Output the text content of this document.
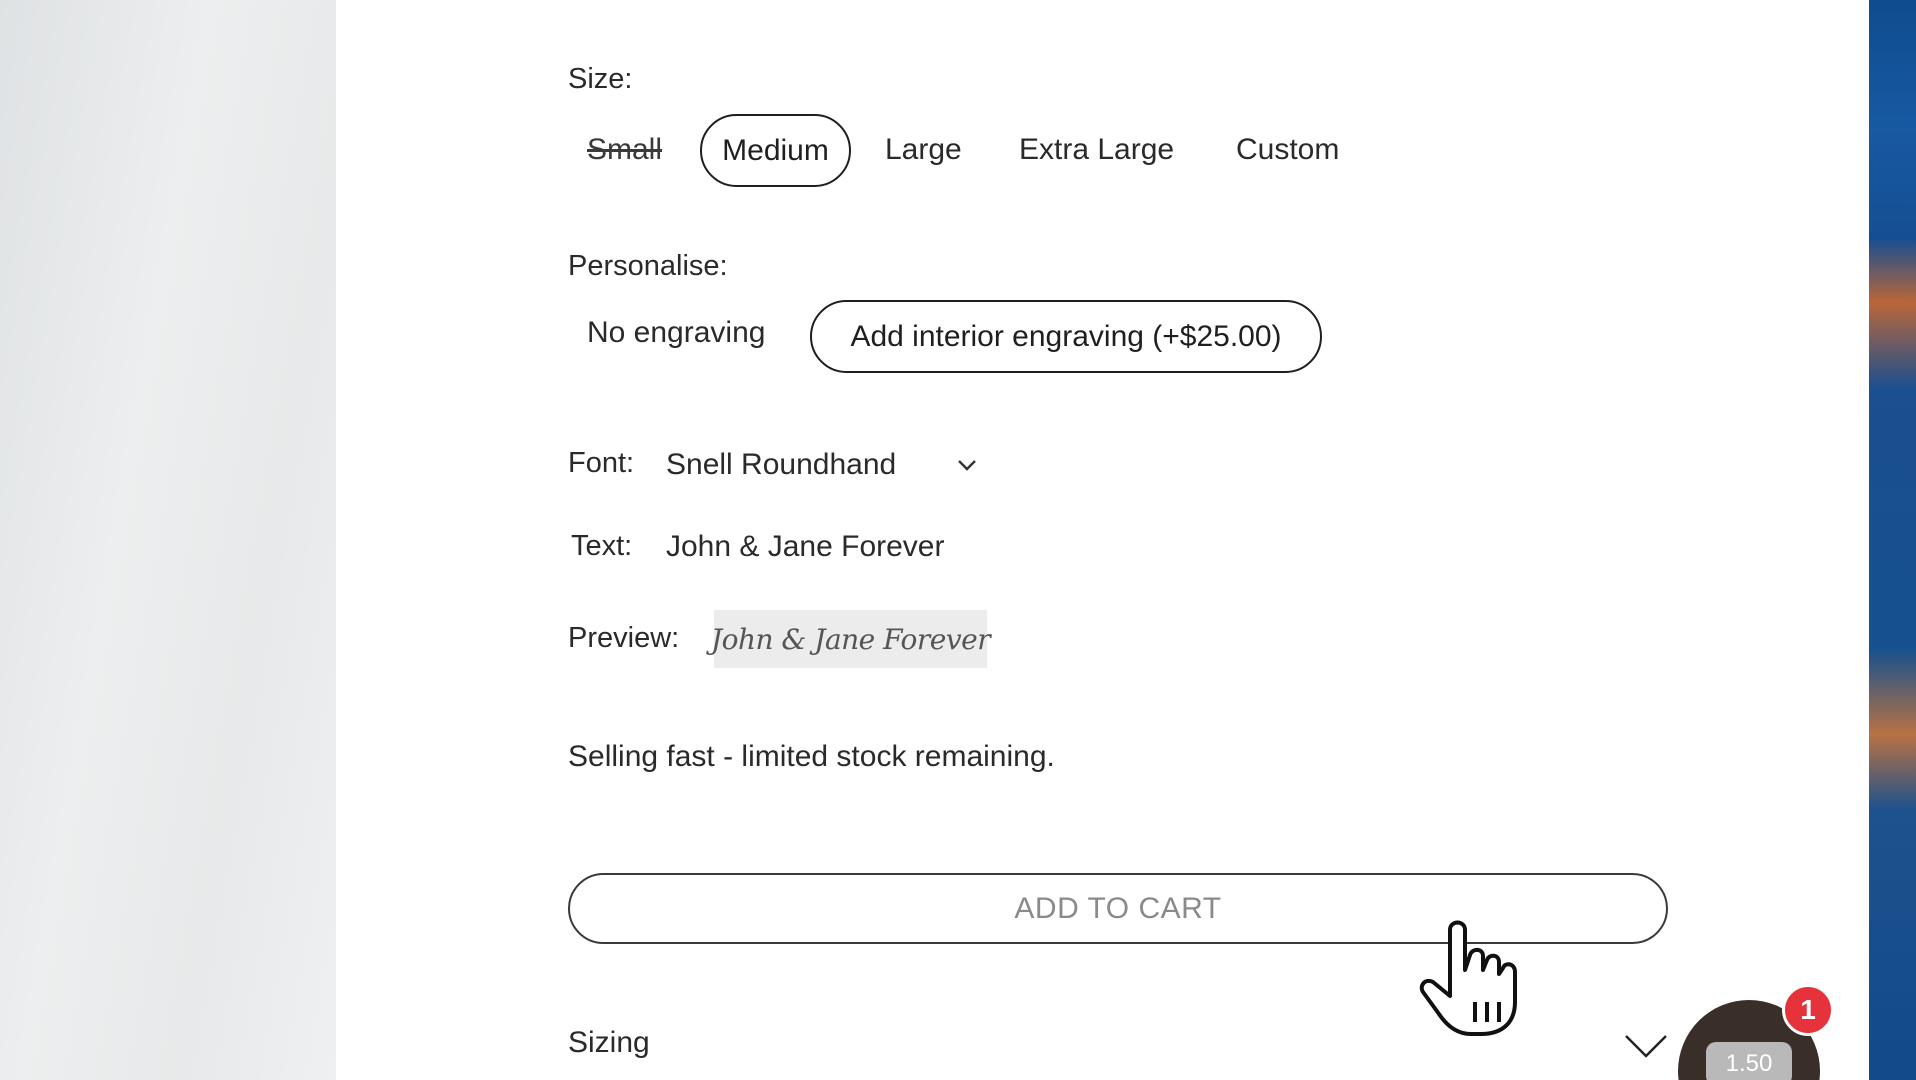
Size:
Small	Medium	Large Extra Large Custom
Personalise:
No engraving	Add interior engraving (+$25.00)
Font: Snell Roundhand
Text: John & Jane Forever
Preview: John & Jane Forever
Selling fast - limited stock remaining.
ADD TO CART
Sizing
1.50
1
